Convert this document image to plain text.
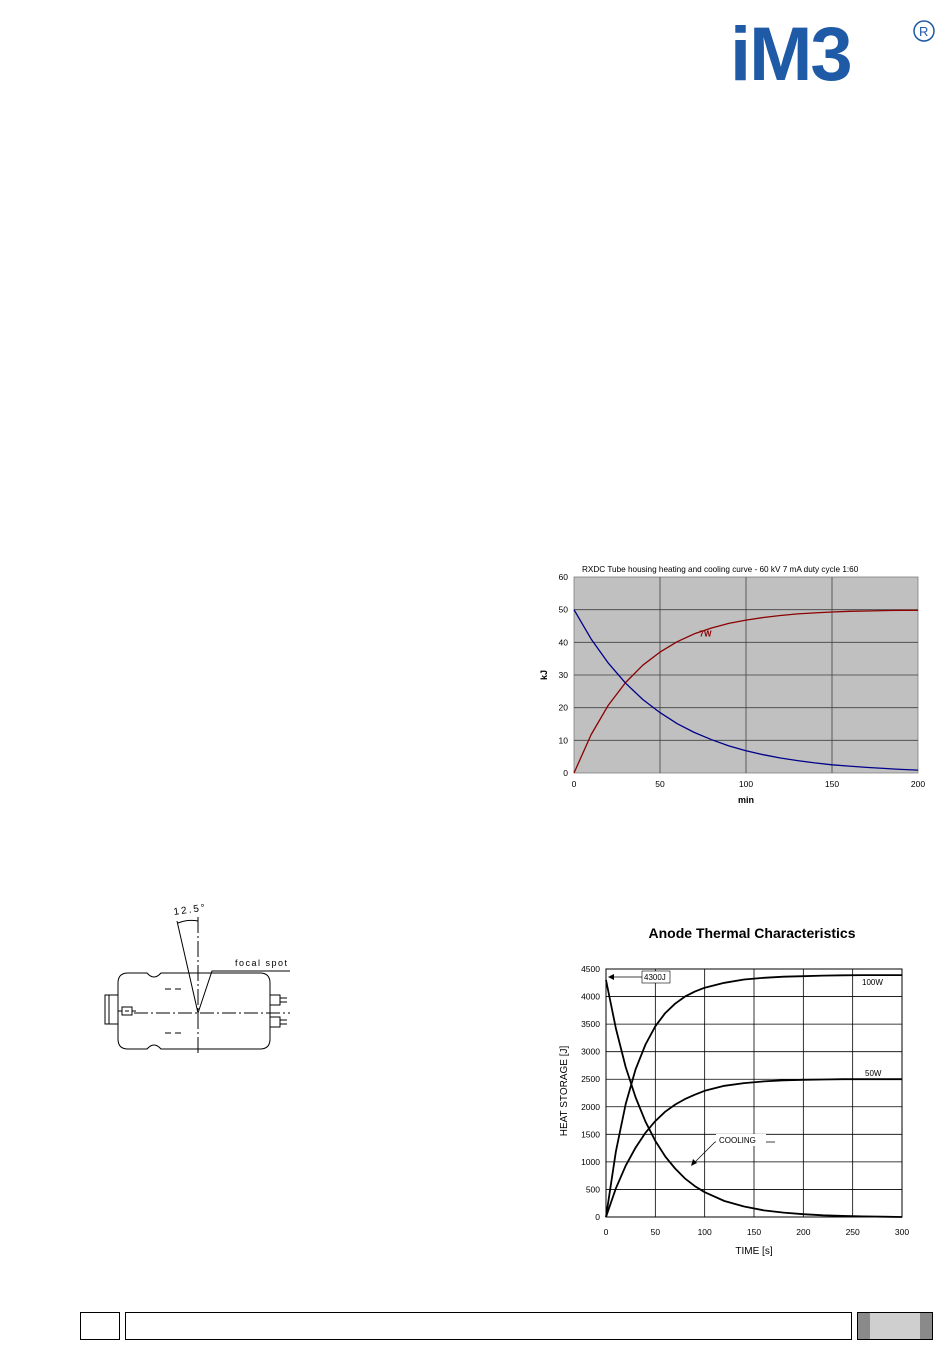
iM3	R
RXDC Tube housing heating and cooling curve - 60 kV 7 mA duty cycle 1:60
0
10
20
30
40
50
60
0	50	100	150	200
7W
min
kJ
12.5°
focal spot
Anode Thermal Characteristics
0
500
1000
1500
2000
2500
3000
3500
4000
4500
0	50	100	150	200	250	300
4300J
100W
50W
COOLING
TIME [s]
HEAT STORAGE [J]
